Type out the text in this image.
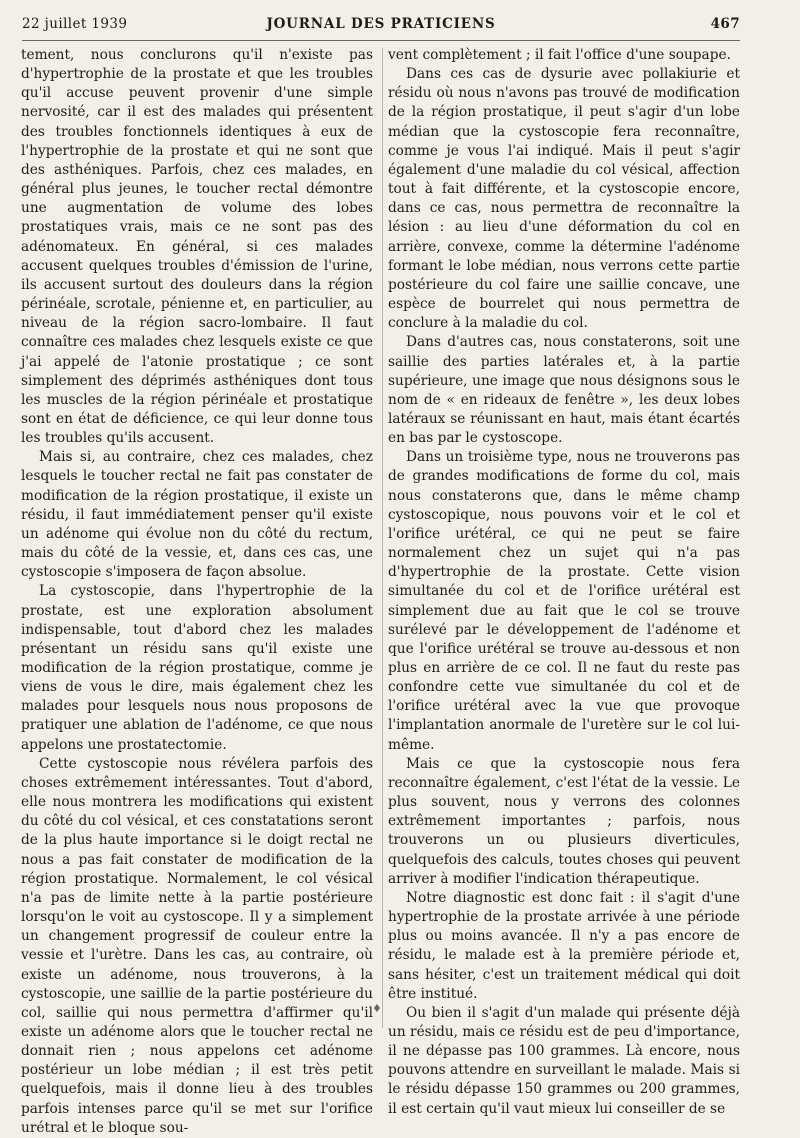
22 juillet 1939	JOURNAL DES PRATICIENS	467

tement, nous conclurons qu'il n'existe pas d'hypertrophie de la prostate et que les troubles qu'il accuse peuvent provenir d'une simple nervosité, car il est des malades qui présentent des troubles fonctionnels identiques à eux de l'hypertrophie de la prostate et qui ne sont que des asthéniques. Parfois, chez ces malades, en général plus jeunes, le toucher rectal démontre une augmentation de volume des lobes prostatiques vrais, mais ce ne sont pas des adénomateux. En général, si ces malades accusent quelques troubles d'émission de l'urine, ils accusent surtout des douleurs dans la région périnéale, scrotale, pénienne et, en particulier, au niveau de la région sacro-lombaire. Il faut connaître ces malades chez lesquels existe ce que j'ai appelé de l'atonie prostatique ; ce sont simplement des déprimés asthéniques dont tous les muscles de la région périnéale et prostatique sont en état de déficience, ce qui leur donne tous les troubles qu'ils accusent.

Mais si, au contraire, chez ces malades, chez lesquels le toucher rectal ne fait pas constater de modification de la région prostatique, il existe un résidu, il faut immédiatement penser qu'il existe un adénome qui évolue non du côté du rectum, mais du côté de la vessie, et, dans ces cas, une cystoscopie s'imposera de façon absolue.

La cystoscopie, dans l'hypertrophie de la prostate, est une exploration absolument indispensable, tout d'abord chez les malades présentant un résidu sans qu'il existe une modification de la région prostatique, comme je viens de vous le dire, mais également chez les malades pour lesquels nous nous proposons de pratiquer une ablation de l'adénome, ce que nous appelons une prostatectomie.

Cette cystoscopie nous révélera parfois des choses extrêmement intéressantes. Tout d'abord, elle nous montrera les modifications qui existent du côté du col vésical, et ces constatations seront de la plus haute importance si le doigt rectal ne nous a pas fait constater de modification de la région prostatique. Normalement, le col vésical n'a pas de limite nette à la partie postérieure lorsqu'on le voit au cystoscope. Il y a simplement un changement progressif de couleur entre la vessie et l'urètre. Dans les cas, au contraire, où existe un adénome, nous trouverons, à la cystoscopie, une saillie de la partie postérieure du col, saillie qui nous permettra d'affirmer qu'il existe un adénome alors que le toucher rectal ne donnait rien ; nous appelons cet adénome postérieur un lobe médian ; il est très petit quelquefois, mais il donne lieu à des troubles parfois intenses parce qu'il se met sur l'orifice urétral et le bloque sou-

vent complètement ; il fait l'office d'une soupape.

Dans ces cas de dysurie avec pollakiurie et résidu où nous n'avons pas trouvé de modification de la région prostatique, il peut s'agir d'un lobe médian que la cystoscopie fera reconnaître, comme je vous l'ai indiqué. Mais il peut s'agir également d'une maladie du col vésical, affection tout à fait différente, et la cystoscopie encore, dans ce cas, nous permettra de reconnaître la lésion : au lieu d'une déformation du col en arrière, convexe, comme la détermine l'adénome formant le lobe médian, nous verrons cette partie postérieure du col faire une saillie concave, une espèce de bourrelet qui nous permettra de conclure à la maladie du col.

Dans d'autres cas, nous constaterons, soit une saillie des parties latérales et, à la partie supérieure, une image que nous désignons sous le nom de « en rideaux de fenêtre », les deux lobes latéraux se réunissant en haut, mais étant écartés en bas par le cystoscope.

Dans un troisième type, nous ne trouverons pas de grandes modifications de forme du col, mais nous constaterons que, dans le même champ cystoscopique, nous pouvons voir et le col et l'orifice urétéral, ce qui ne peut se faire normalement chez un sujet qui n'a pas d'hypertrophie de la prostate. Cette vision simultanée du col et de l'orifice urétéral est simplement due au fait que le col se trouve surélevé par le développement de l'adénome et que l'orifice urétéral se trouve au-dessous et non plus en arrière de ce col. Il ne faut du reste pas confondre cette vue simultanée du col et de l'orifice urétéral avec la vue que provoque l'implantation anormale de l'uretère sur le col lui-même.

Mais ce que la cystoscopie nous fera reconnaître également, c'est l'état de la vessie. Le plus souvent, nous y verrons des colonnes extrêmement importantes ; parfois, nous trouverons un ou plusieurs diverticules, quelquefois des calculs, toutes choses qui peuvent arriver à modifier l'indication thérapeutique.

Notre diagnostic est donc fait : il s'agit d'une hypertrophie de la prostate arrivée à une période plus ou moins avancée. Il n'y a pas encore de résidu, le malade est à la première période et, sans hésiter, c'est un traitement médical qui doit être institué.

Ou bien il s'agit d'un malade qui présente déjà un résidu, mais ce résidu est de peu d'importance, il ne dépasse pas 100 grammes. Là encore, nous pouvons attendre en surveillant le malade. Mais si le résidu dépasse 150 grammes ou 200 grammes, il est certain qu'il vaut mieux lui conseiller de se

♦
